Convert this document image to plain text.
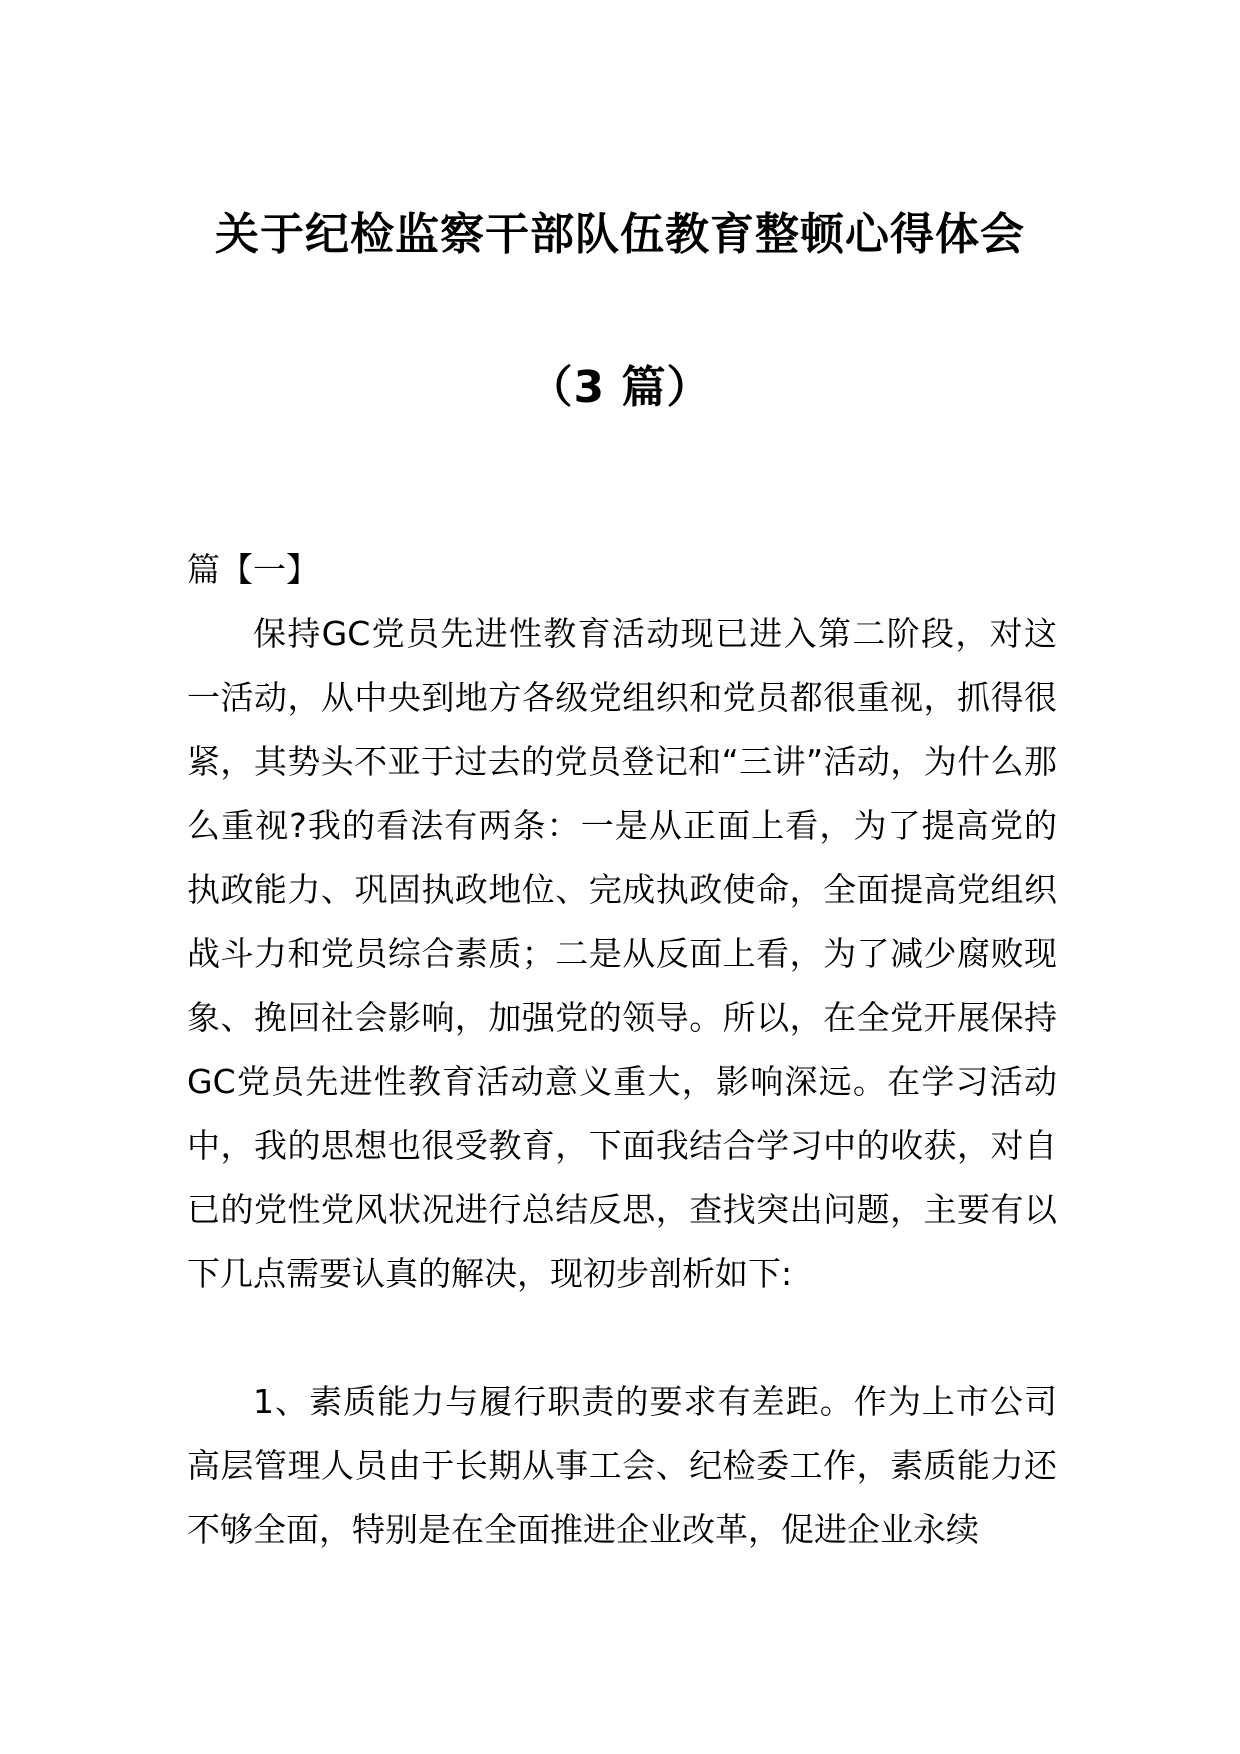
关于纪检监察干部队伍教育整顿心得体会
（3 篇）
篇【一】
保持GC党员先进性教育活动现已进入第二阶段，对这一活动，从中央到地方各级党组织和党员都很重视，抓得很紧，其势头不亚于过去的党员登记和“三讲”活动，为什么那么重视?我的看法有两条：一是从正面上看，为了提高党的执政能力、巩固执政地位、完成执政使命，全面提高党组织战斗力和党员综合素质；二是从反面上看，为了减少腐败现象、挽回社会影响，加强党的领导。所以，在全党开展保持GC党员先进性教育活动意义重大，影响深远。在学习活动中，我的思想也很受教育，下面我结合学习中的收获，对自已的党性党风状况进行总结反思，查找突出问题，主要有以下几点需要认真的解决，现初步剖析如下:
1、素质能力与履行职责的要求有差距。作为上市公司高层管理人员由于长期从事工会、纪检委工作，素质能力还不够全面，特别是在全面推进企业改革，促进企业永续
